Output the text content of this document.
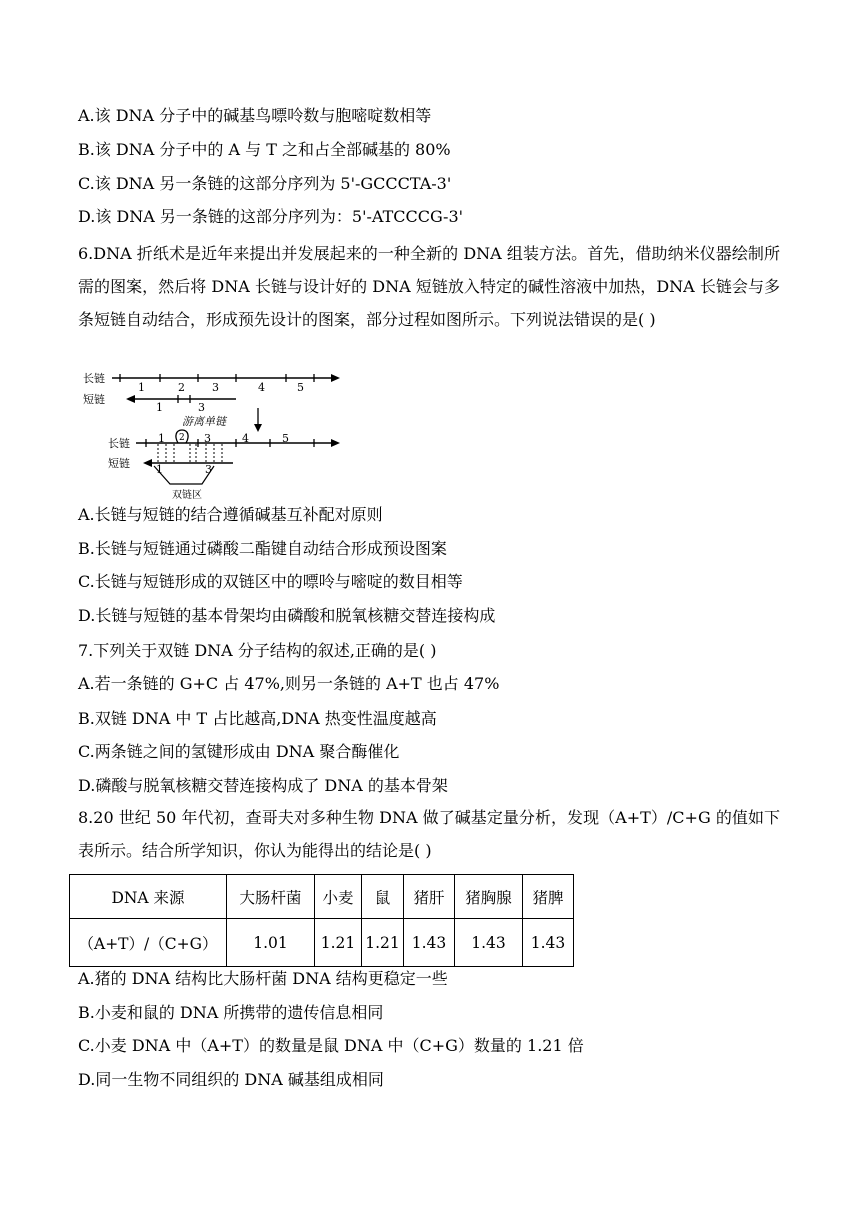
A.该 DNA 分子中的碱基鸟嘌呤数与胞嘧啶数相等
B.该 DNA 分子中的 A 与 T 之和占全部碱基的 80%
C.该 DNA 另一条链的这部分序列为 5'-GCCCTA-3'
D.该 DNA 另一条链的这部分序列为：5'-ATCCCG-3'
6.DNA 折纸术是近年来提出并发展起来的一种全新的 DNA 组装方法。首先，借助纳米仪器绘制所需的图案，然后将 DNA 长链与设计好的 DNA 短链放入特定的碱性溶液中加热，DNA 长链会与多条短链自动结合，形成预先设计的图案，部分过程如图所示。下列说法错误的是( )
长链
1	2 3	4	5
短链
1	3
游离单链
长链	1 2 3	4	5
短链 1	3
双链区
A.长链与短链的结合遵循碱基互补配对原则
B.长链与短链通过磷酸二酯键自动结合形成预设图案
C.长链与短链形成的双链区中的嘌呤与嘧啶的数目相等
D.长链与短链的基本骨架均由磷酸和脱氧核糖交替连接构成
7.下列关于双链 DNA 分子结构的叙述,正确的是( )
A.若一条链的 G+C 占 47%,则另一条链的 A+T 也占 47%
B.双链 DNA 中 T 占比越高,DNA 热变性温度越高
C.两条链之间的氢键形成由 DNA 聚合酶催化
D.磷酸与脱氧核糖交替连接构成了 DNA 的基本骨架
8.20 世纪 50 年代初，查哥夫对多种生物 DNA 做了碱基定量分析，发现（A+T）/C+G 的值如下表所示。结合所学知识，你认为能得出的结论是( )
DNA 来源	大肠杆菌	小麦	鼠	猪肝	猪胸腺	猪脾
（A+T）/（C+G）	1.01	1.21	1.21	1.43	1.43	1.43
A.猪的 DNA 结构比大肠杆菌 DNA 结构更稳定一些
B.小麦和鼠的 DNA 所携带的遗传信息相同
C.小麦 DNA 中（A+T）的数量是鼠 DNA 中（C+G）数量的 1.21 倍
D.同一生物不同组织的 DNA 碱基组成相同
